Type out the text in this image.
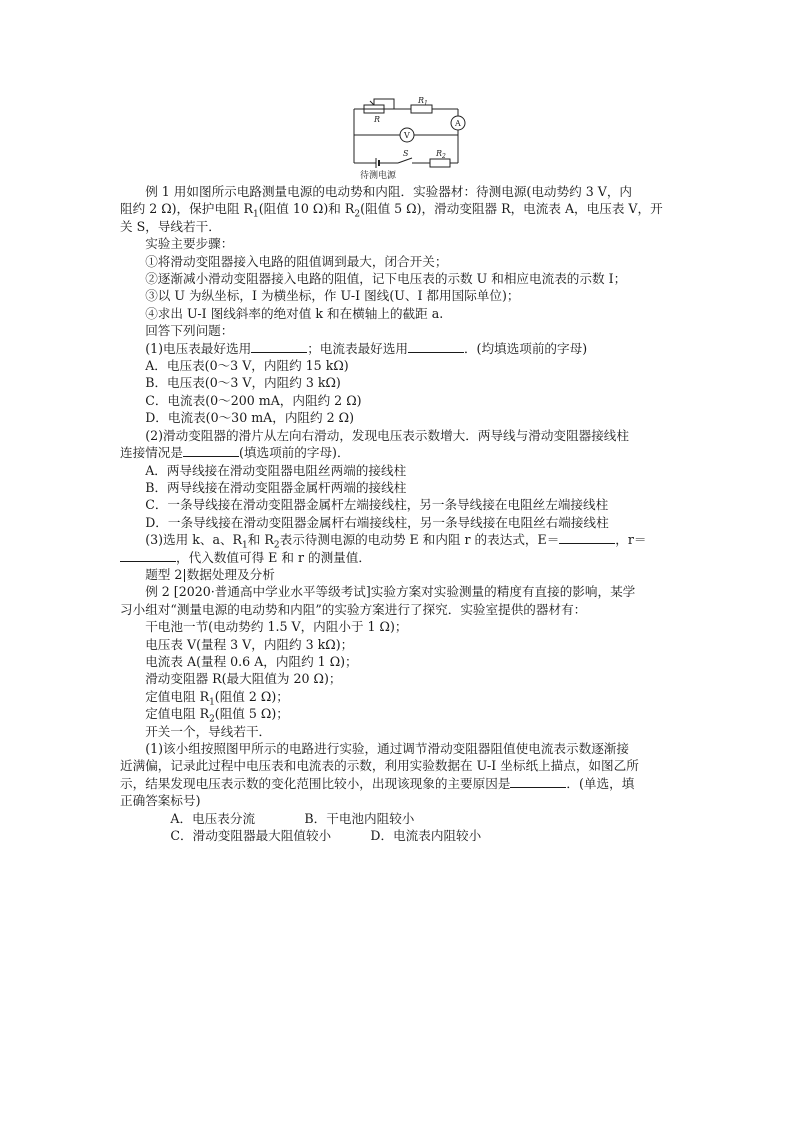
$R_1$
R
V
A
S	$R_2$
待测电源

例 1 用如图所示电路测量电源的电动势和内阻．实验器材：待测电源(电动势约 3 V，内

阻约 2 Ω)，保护电阻 $R_1$(阻值 10 Ω)和 $R_2$(阻值 5 Ω)，滑动变阻器 R，电流表 A，电压表 V，开

关 S，导线若干．

实验主要步骤：

①将滑动变阻器接入电路的阻值调到最大，闭合开关；

②逐渐减小滑动变阻器接入电路的阻值，记下电压表的示数 U 和相应电流表的示数 I；

③以 U 为纵坐标，I 为横坐标，作 U-I 图线(U、I 都用国际单位)；

④求出 U-I 图线斜率的绝对值 k 和在横轴上的截距 a.

回答下列问题：

(1)电压表最好选用	；电流表最好选用	．(均填选项前的字母)

A．电压表(0～3 V，内阻约 15 kΩ)

B．电压表(0～3 V，内阻约 3 kΩ)

C．电流表(0～200 mA，内阻约 2 Ω)

D．电流表(0～30 mA，内阻约 2 Ω)

(2)滑动变阻器的滑片从左向右滑动，发现电压表示数增大．两导线与滑动变阻器接线柱

连接情况是	(填选项前的字母)．

A．两导线接在滑动变阻器电阻丝两端的接线柱

B．两导线接在滑动变阻器金属杆两端的接线柱

C．一条导线接在滑动变阻器金属杆左端接线柱，另一条导线接在电阻丝左端接线柱

D．一条导线接在滑动变阻器金属杆右端接线柱，另一条导线接在电阻丝右端接线柱

(3)选用 k、a、$R_1$和 $R_2$表示待测电源的电动势 E 和内阻 r 的表达式，E＝	，r＝

，代入数值可得 E 和 r 的测量值．

题型 2|数据处理及分析

例 2 [2020·普通高中学业水平等级考试]实验方案对实验测量的精度有直接的影响，某学

习小组对“测量电源的电动势和内阻”的实验方案进行了探究．实验室提供的器材有：

干电池一节(电动势约 1.5 V，内阻小于 1 Ω)；

电压表 V(量程 3 V，内阻约 3 kΩ)；

电流表 A(量程 0.6 A，内阻约 1 Ω)；

滑动变阻器 R(最大阻值为 20 Ω)；

定值电阻 $R_1$(阻值 2 Ω)；

定值电阻 $R_2$(阻值 5 Ω)；

开关一个，导线若干．

(1)该小组按照图甲所示的电路进行实验，通过调节滑动变阻器阻值使电流表示数逐渐接

近满偏，记录此过程中电压表和电流表的示数，利用实验数据在 U-I 坐标纸上描点，如图乙所

示，结果发现电压表示数的变化范围比较小，出现该现象的主要原因是	．(单选，填

正确答案标号)

A．电压表分流	B．干电池内阻较小

C．滑动变阻器最大阻值较小	D．电流表内阻较小
